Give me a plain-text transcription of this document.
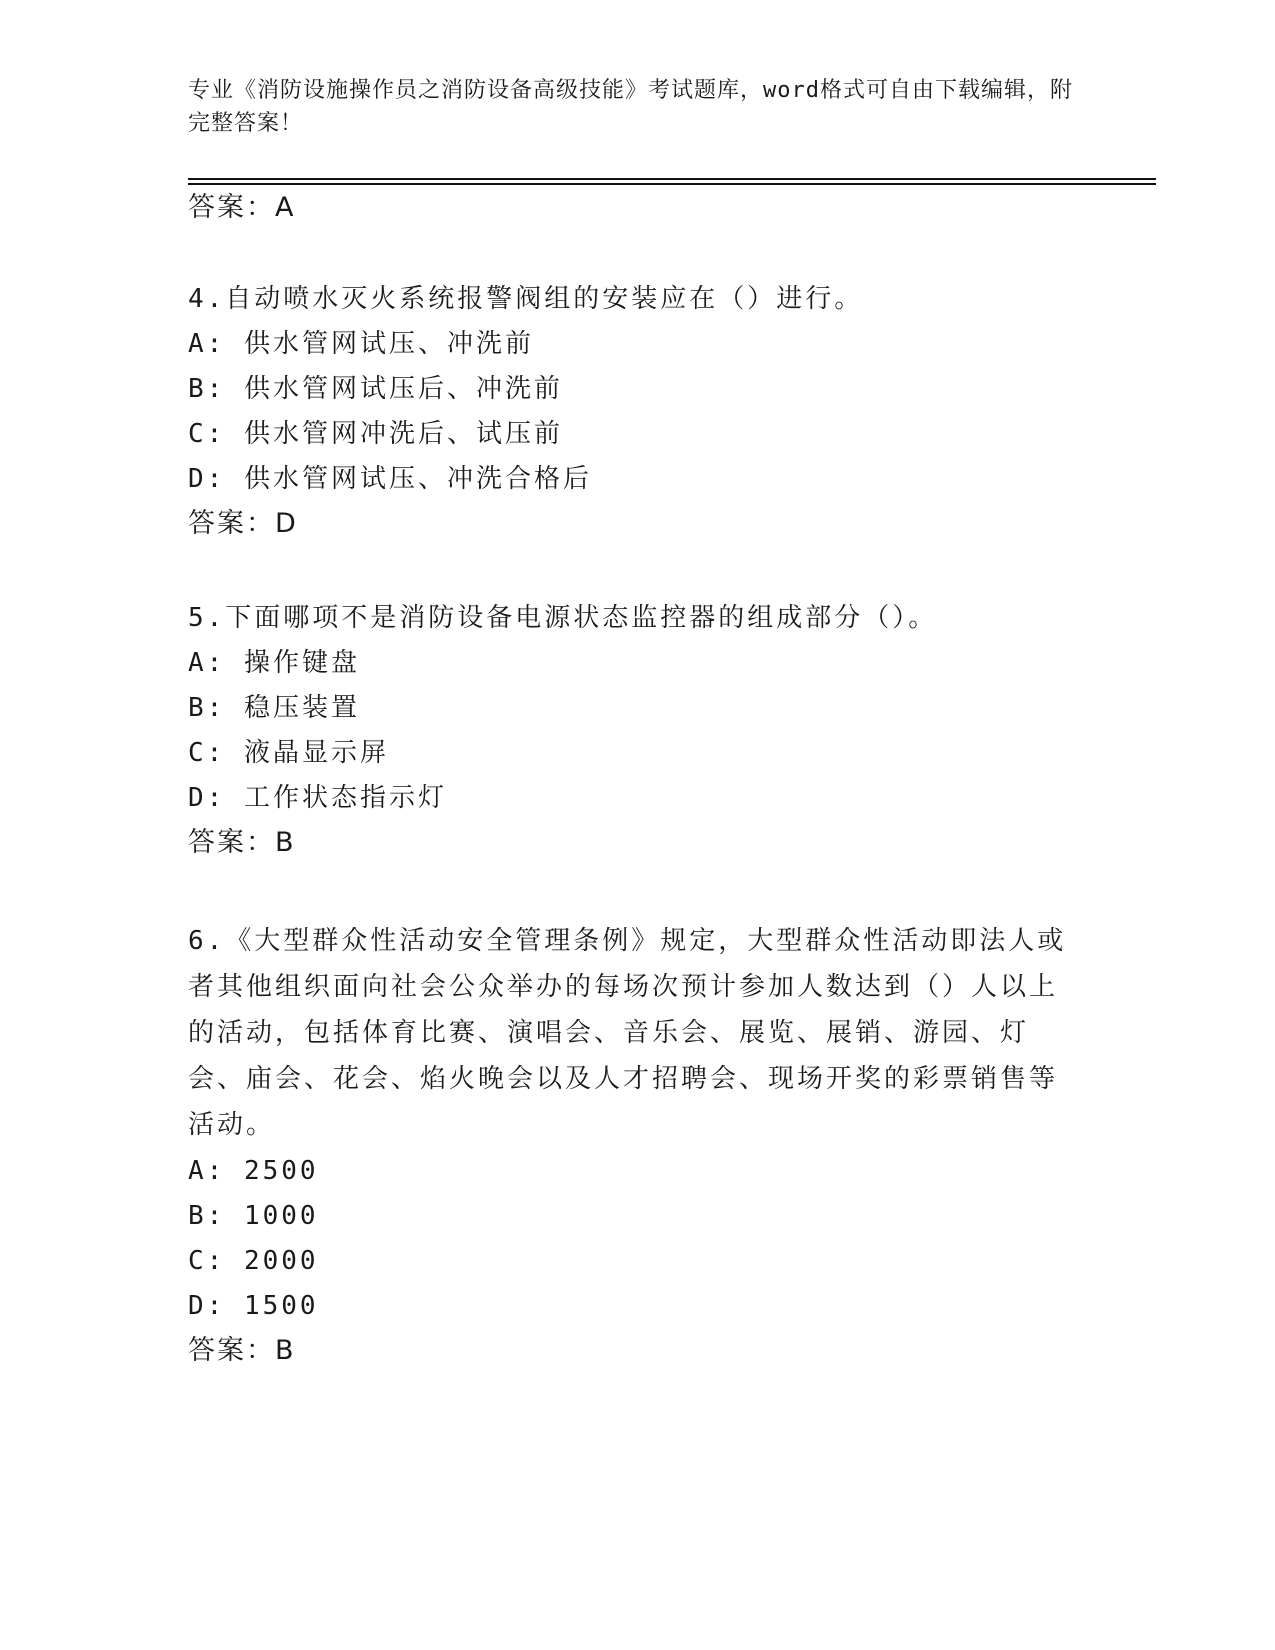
专业《消防设施操作员之消防设备高级技能》考试题库，word格式可自由下载编辑，附完整答案！
答案：A
4.自动喷水灭火系统报警阀组的安装应在（）进行。
A: 供水管网试压、冲洗前
B: 供水管网试压后、冲洗前
C: 供水管网冲洗后、试压前
D: 供水管网试压、冲洗合格后
答案：D
5.下面哪项不是消防设备电源状态监控器的组成部分（）。
A: 操作键盘
B: 稳压装置
C: 液晶显示屏
D: 工作状态指示灯
答案：B
6.《大型群众性活动安全管理条例》规定，大型群众性活动即法人或者其他组织面向社会公众举办的每场次预计参加人数达到（）人以上的活动，包括体育比赛、演唱会、音乐会、展览、展销、游园、灯会、庙会、花会、焰火晚会以及人才招聘会、现场开奖的彩票销售等活动。
A: 2500
B: 1000
C: 2000
D: 1500
答案：B
